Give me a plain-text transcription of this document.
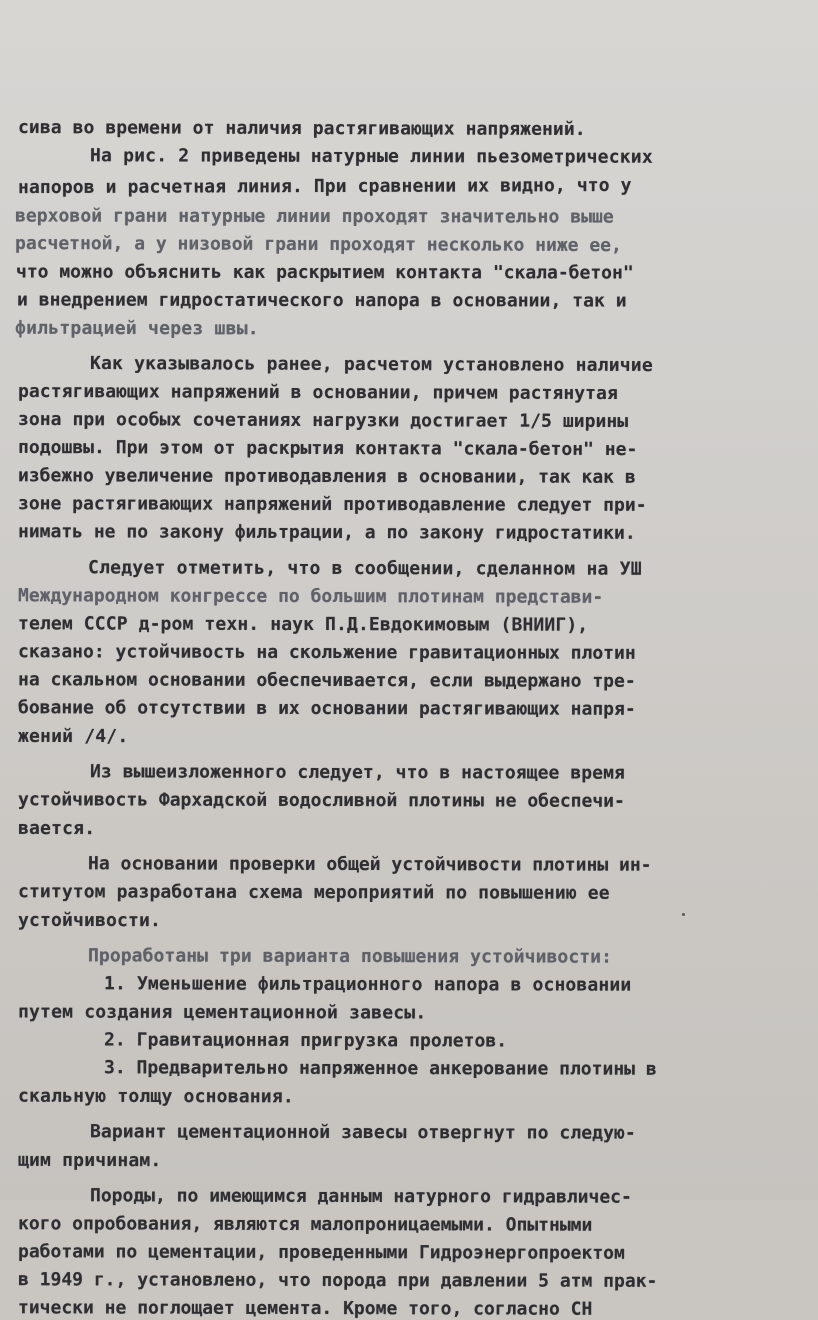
сива во времени от наличия растягивающих напряжений.
На рис. 2 приведены натурные линии пьезометрических
напоров и расчетная линия. При сравнении их видно, что у
верховой грани натурные линии проходят значительно выше
расчетной, а у низовой грани проходят несколько ниже ее,
что можно объяснить как раскрытием контакта "скала-бетон"
и внедрением гидростатического напора в основании, так и
фильтрацией через швы.
Как указывалось ранее, расчетом установлено наличие
растягивающих напряжений в основании, причем растянутая
зона при особых сочетаниях нагрузки достигает 1/5 ширины
подошвы. При этом от раскрытия контакта "скала-бетон" не-
избежно увеличение противодавления в основании, так как в
зоне растягивающих напряжений противодавление следует при-
нимать не по закону фильтрации, а по закону гидростатики.
Следует отметить, что в сообщении, сделанном на УШ
Международном конгрессе по большим плотинам представи-
телем СССР д-ром техн. наук П.Д.Евдокимовым (ВНИИГ),
сказано: устойчивость на скольжение гравитационных плотин
на скальном основании обеспечивается, если выдержано тре-
бование об отсутствии в их основании растягивающих напря-
жений /4/.
Из вышеизложенного следует, что в настоящее время
устойчивость Фархадской водосливной плотины не обеспечи-
вается.
На основании проверки общей устойчивости плотины ин-
ститутом разработана схема мероприятий по повышению ее
устойчивости.
Проработаны три варианта повышения устойчивости:
1. Уменьшение фильтрационного напора в основании
путем создания цементационной завесы.
2. Гравитационная пригрузка пролетов.
3. Предварительно напряженное анкерование плотины в
скальную толщу основания.
Вариант цементационной завесы отвергнут по следую-
щим причинам.
Породы, по имеющимся данным натурного гидравличес-
кого опробования, являются малопроницаемыми. Опытными
работами по цементации, проведенными Гидроэнергопроектом
в 1949 г., установлено, что порода при давлении 5 атм прак-
тически не поглощает цемента. Кроме того, согласно СН
